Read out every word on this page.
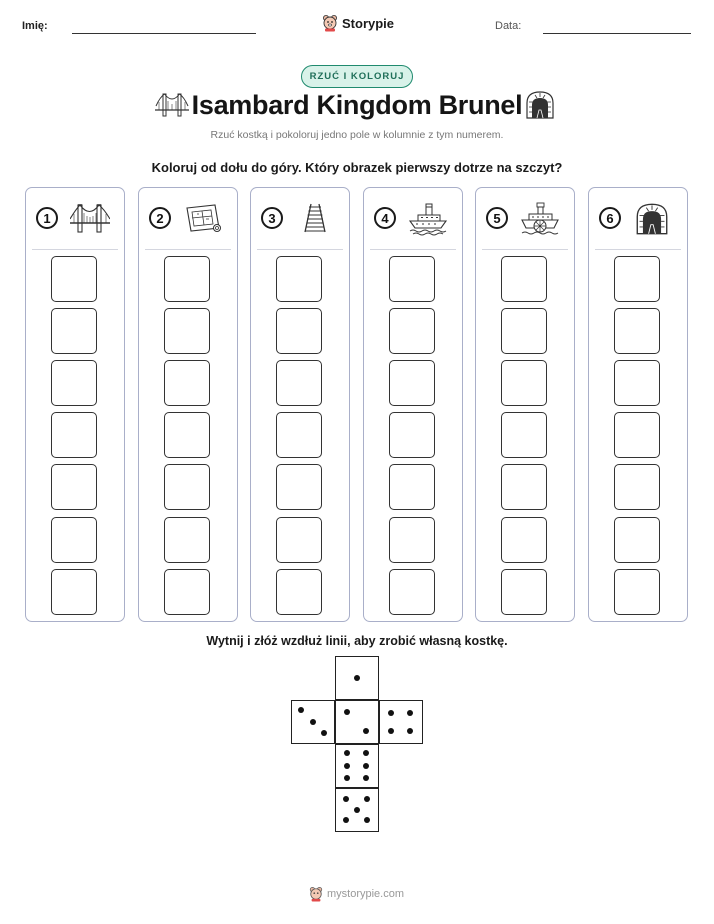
Imię:	Storypie	Data:
RZUĆ I KOLORUJ
Isambard Kingdom Brunel
Rzuć kostką i pokoloruj jedno pole w kolumnie z tym numerem.
Koloruj od dołu do góry. Który obrazek pierwszy dotrze na szczyt?
1	2	3	4	5	6
Wytnij i złóż wzdłuż linii, aby zrobić własną kostkę.
mystorypie.com
